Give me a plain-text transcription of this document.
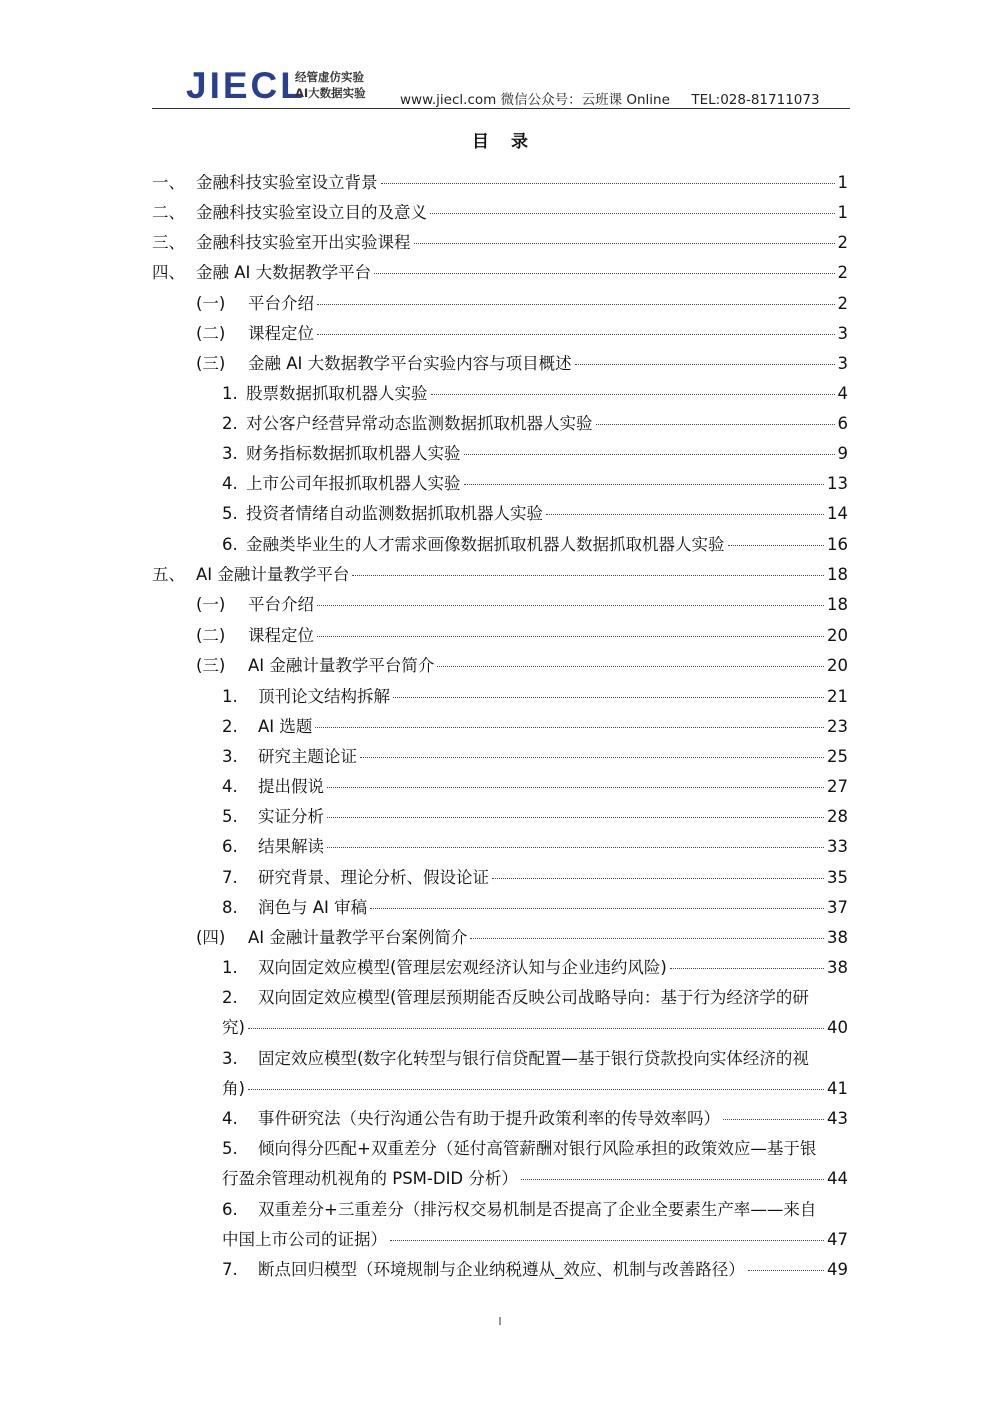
JIECL
经管虚仿实验
AI大数据实验	www.jiecl.com 微信公众号：云班课 Online     TEL:028-81711073
目录
一、 金融科技实验室设立背景	1
二、 金融科技实验室设立目的及意义	1
三、 金融科技实验室开出实验课程	2
四、 金融 AI 大数据教学平台	2
(一) 平台介绍	2
(二) 课程定位	3
(三) 金融 AI 大数据教学平台实验内容与项目概述	3
1. 股票数据抓取机器人实验	4
2. 对公客户经营异常动态监测数据抓取机器人实验	6
3. 财务指标数据抓取机器人实验	9
4. 上市公司年报抓取机器人实验	13
5. 投资者情绪自动监测数据抓取机器人实验	14
6. 金融类毕业生的人才需求画像数据抓取机器人数据抓取机器人实验	16
五、 AI 金融计量教学平台	18
(一) 平台介绍	18
(二) 课程定位	20
(三) AI 金融计量教学平台简介	20
1. 顶刊论文结构拆解	21
2. AI 选题	23
3. 研究主题论证	25
4. 提出假说	27
5. 实证分析	28
6. 结果解读	33
7. 研究背景、理论分析、假设论证	35
8. 润色与 AI 审稿	37
(四) AI 金融计量教学平台案例简介	38
1. 双向固定效应模型(管理层宏观经济认知与企业违约风险)	38
2. 双向固定效应模型(管理层预期能否反映公司战略导向：基于行为经济学的研
究)	40
3. 固定效应模型(数字化转型与银行信贷配置—基于银行贷款投向实体经济的视
角)	41
4. 事件研究法（央行沟通公告有助于提升政策利率的传导效率吗）	43
5. 倾向得分匹配+双重差分（延付高管薪酬对银行风险承担的政策效应—基于银
行盈余管理动机视角的 PSM-DID 分析）	44
6. 双重差分+三重差分（排污权交易机制是否提高了企业全要素生产率——来自
中国上市公司的证据）	47
7. 断点回归模型（环境规制与企业纳税遵从_效应、机制与改善路径）	49
I
